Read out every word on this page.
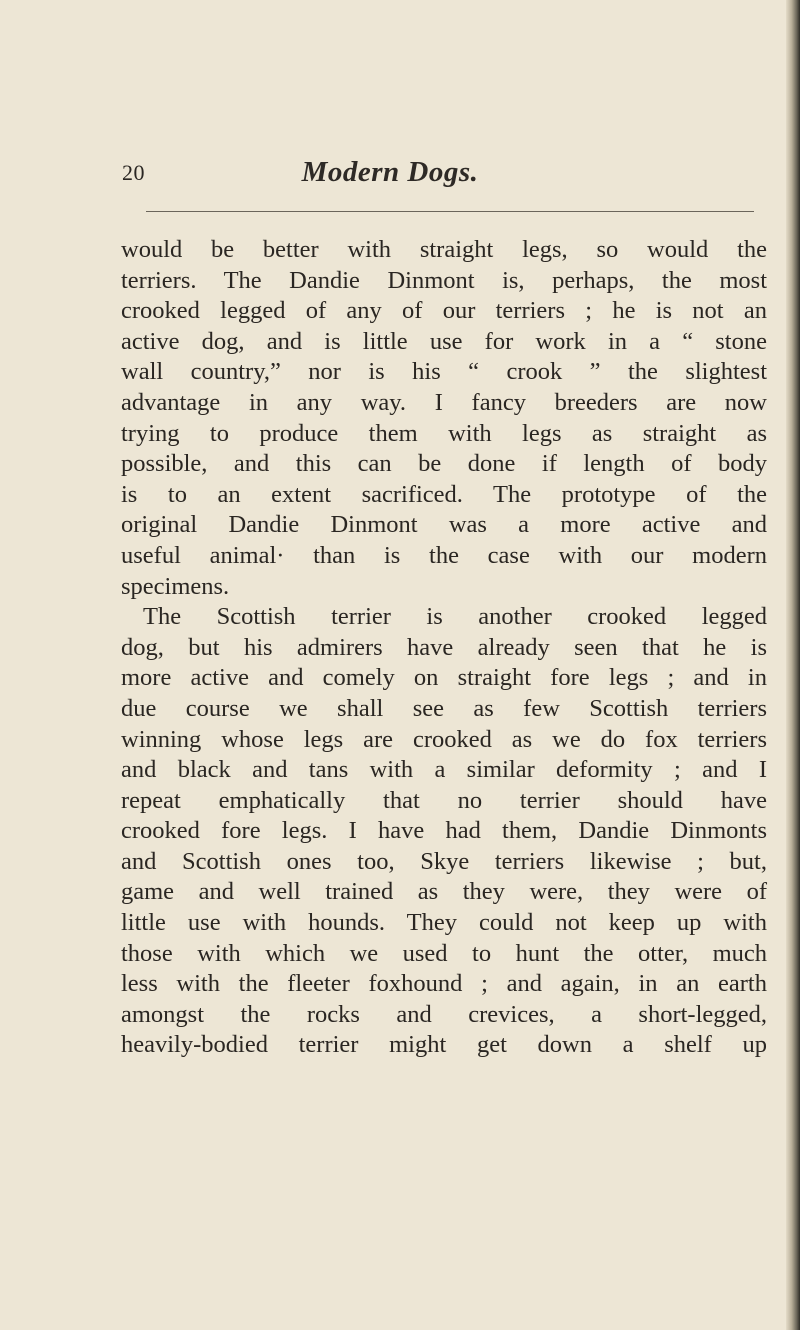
20	Modern Dogs.
would be better with straight legs, so would the
terriers. The Dandie Dinmont is, perhaps, the most
crooked legged of any of our terriers ; he is not an
active dog, and is little use for work in a “ stone
wall country,” nor is his “ crook ” the slightest
advantage in any way. I fancy breeders are now
trying to produce them with legs as straight as
possible, and this can be done if length of body
is to an extent sacrificed. The prototype of the
original Dandie Dinmont was a more active and
useful animal· than is the case with our modern
specimens.
The Scottish terrier is another crooked legged
dog, but his admirers have already seen that he is
more active and comely on straight fore legs ; and in
due course we shall see as few Scottish terriers
winning whose legs are crooked as we do fox terriers
and black and tans with a similar deformity ; and I
repeat emphatically that no terrier should have
crooked fore legs. I have had them, Dandie Dinmonts
and Scottish ones too, Skye terriers likewise ; but,
game and well trained as they were, they were of
little use with hounds. They could not keep up with
those with which we used to hunt the otter, much
less with the fleeter foxhound ; and again, in an earth
amongst the rocks and crevices, a short-legged,
heavily-bodied terrier might get down a shelf up
